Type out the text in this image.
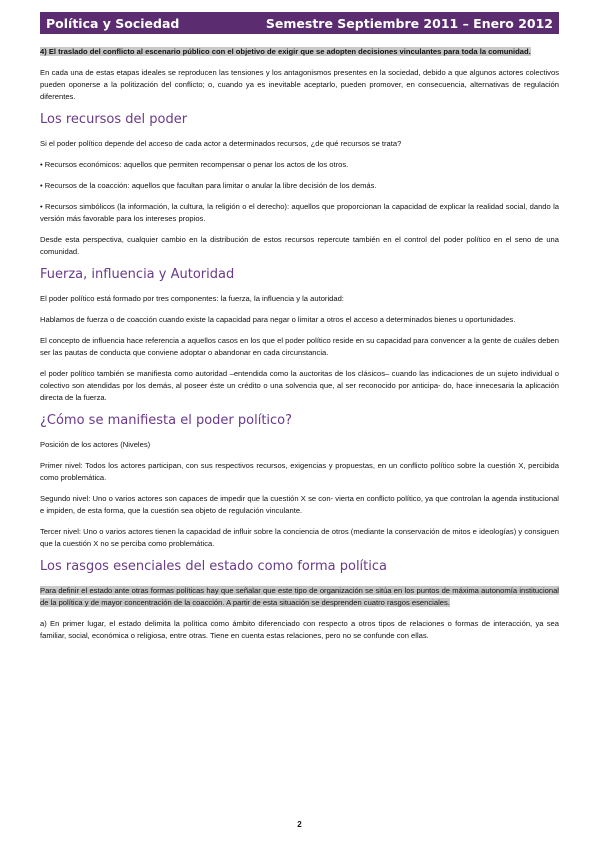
Política y Sociedad	Semestre Septiembre 2011 – Enero 2012

4) El traslado del conflicto al escenario público con el objetivo de exigir que se adopten decisiones vinculantes para toda la comunidad.

En cada una de estas etapas ideales se reproducen las tensiones y los antagonismos presentes en la sociedad, debido a que algunos actores colectivos pueden oponerse a la politización del conflicto; o, cuando ya es inevitable aceptarlo, pueden promover, en consecuencia, alternativas de regulación diferentes.

Los recursos del poder

Si el poder político depende del acceso de cada actor a determinados recursos, ¿de qué recursos se trata?

• Recursos económicos: aquellos que permiten recompensar o penar los actos de los otros.

• Recursos de la coacción: aquellos que facultan para limitar o anular la libre decisión de los demás.

• Recursos simbólicos (la información, la cultura, la religión o el derecho): aquellos que proporcionan la capacidad de explicar la realidad social, dando la versión más favorable para los intereses propios.

Desde esta perspectiva, cualquier cambio en la distribución de estos recursos repercute también en el control del poder político en el seno de una comunidad.

Fuerza, influencia y Autoridad

El poder político está formado por tres componentes: la fuerza, la influencia y la autoridad:

Hablamos de fuerza o de coacción cuando existe la capacidad para negar o limitar a otros el acceso a determinados bienes u oportunidades.

El concepto de influencia hace referencia a aquellos casos en los que el poder político reside en su capacidad para convencer a la gente de cuáles deben ser las pautas de conducta que conviene adoptar o abandonar en cada circunstancia.

el poder político también se manifiesta como autoridad –entendida como la auctoritas de los clásicos– cuando las indicaciones de un sujeto individual o colectivo son atendidas por los demás, al poseer éste un crédito o una solvencia que, al ser reconocido por anticipa- do, hace innecesaria la aplicación directa de la fuerza.

¿Cómo se manifiesta el poder político?

Posición de los actores (Niveles)

Primer nivel: Todos los actores participan, con sus respectivos recursos, exigencias y propuestas, en un conflicto político sobre la cuestión X, percibida como problemática.

Segundo nivel: Uno o varios actores son capaces de impedir que la cuestión X se con- vierta en conflicto político, ya que controlan la agenda institucional e impiden, de esta forma, que la cuestión sea objeto de regulación vinculante.

Tercer nivel: Uno o varios actores tienen la capacidad de influir sobre la conciencia de otros (mediante la conservación de mitos e ideologías) y consiguen que la cuestión X no se perciba como problemática.

Los rasgos esenciales del estado como forma política

Para definir el estado ante otras formas políticas hay que señalar que este tipo de organización se sitúa en los puntos de máxima autonomía institucional de la política y de mayor concentración de la coacción. A partir de esta situación se desprenden cuatro rasgos esenciales.

a) En primer lugar, el estado delimita la política como ámbito diferenciado con respecto a otros tipos de relaciones o formas de interacción, ya sea familiar, social, económica o religiosa, entre otras. Tiene en cuenta estas relaciones, pero no se confunde con ellas.

2
